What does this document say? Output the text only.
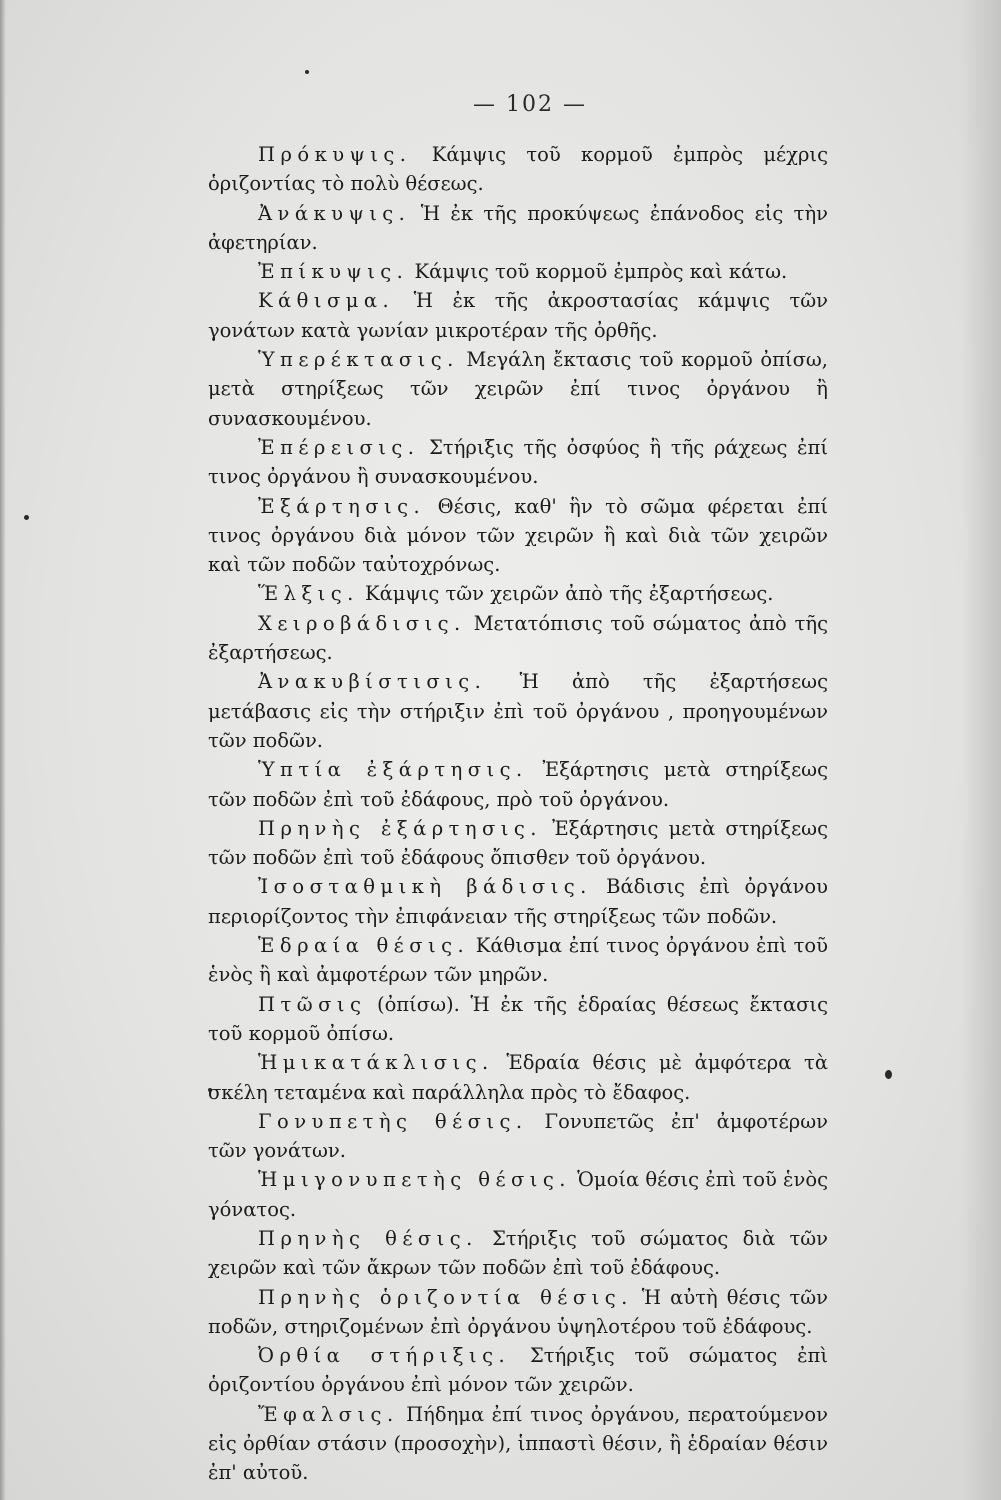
— 102 —

Πρόκυψις. Κάμψις τοῦ κορμοῦ ἐμπρὸς μέχρις ὁριζοντίας τὸ πολὺ θέσεως.

Ἀνάκυψις. Ἡ ἐκ τῆς προκύψεως ἐπάνοδος εἰς τὴν ἀφετηρίαν.

Ἐπίκυψις. Κάμψις τοῦ κορμοῦ ἐμπρὸς καὶ κάτω.

Κάθισμα. Ἡ ἐκ τῆς ἀκροστασίας κάμψις τῶν γονάτων κατὰ γωνίαν μικροτέραν τῆς ὀρθῆς.

Ὑπερέκτασις. Μεγάλη ἔκτασις τοῦ κορμοῦ ὀπίσω, μετὰ στηρίξεως τῶν χειρῶν ἐπί τινος ὀργάνου ἢ συνασκουμένου.

Ἐπέρεισις. Στήριξις τῆς ὀσφύος ἢ τῆς ράχεως ἐπί τινος ὀργάνου ἢ συνασκουμένου.

Ἐξάρτησις. Θέσις, καθ' ἣν τὸ σῶμα φέρεται ἐπί τινος ὀργάνου διὰ μόνον τῶν χειρῶν ἢ καὶ διὰ τῶν χειρῶν καὶ τῶν ποδῶν ταὐτοχρόνως.

Ἕλξις. Κάμψις τῶν χειρῶν ἀπὸ τῆς ἐξαρτήσεως.

Χειροβάδισις. Μετατόπισις τοῦ σώματος ἀπὸ τῆς ἐξαρτήσεως.

Ἀνακυβίστισις. Ἡ ἀπὸ τῆς ἐξαρτήσεως μετάβασις εἰς τὴν στήριξιν ἐπὶ τοῦ ὀργάνου , προηγουμένων τῶν ποδῶν.

Ὑπτία ἐξάρτησις. Ἐξάρτησις μετὰ στηρίξεως τῶν ποδῶν ἐπὶ τοῦ ἐδάφους, πρὸ τοῦ ὀργάνου.

Πρηνὴς ἐξάρτησις. Ἐξάρτησις μετὰ στηρίξεως τῶν ποδῶν ἐπὶ τοῦ ἐδάφους ὄπισθεν τοῦ ὀργάνου.

Ἰσοσταθμικὴ βάδισις. Βάδισις ἐπὶ ὀργάνου περιορίζοντος τὴν ἐπιφάνειαν τῆς στηρίξεως τῶν ποδῶν.

Ἑδραία θέσις. Κάθισμα ἐπί τινος ὀργάνου ἐπὶ τοῦ ἑνὸς ἢ καὶ ἀμφοτέρων τῶν μηρῶν.

Πτῶσις (ὀπίσω). Ἡ ἐκ τῆς ἑδραίας θέσεως ἔκτασις τοῦ κορμοῦ ὀπίσω.

Ἡμικατάκλισις. Ἑδραία θέσις μὲ ἀμφότερα τὰ σκέλη τεταμένα καὶ παράλληλα πρὸς τὸ ἔδαφος.

Γονυπετὴς θέσις. Γονυπετῶς ἐπ' ἀμφοτέρων τῶν γονάτων.

Ἡμιγονυπετὴς θέσις. Ὁμοία θέσις ἐπὶ τοῦ ἑνὸς γόνατος.

Πρηνὴς θέσις. Στήριξις τοῦ σώματος διὰ τῶν χειρῶν καὶ τῶν ἄκρων τῶν ποδῶν ἐπὶ τοῦ ἐδάφους.

Πρηνὴς ὁριζοντία θέσις. Ἡ αὐτὴ θέσις τῶν ποδῶν, στηριζομένων ἐπὶ ὀργάνου ὑψηλοτέρου τοῦ ἐδάφους.

Ὀρθία στήριξις. Στήριξις τοῦ σώματος ἐπὶ ὁριζοντίου ὀργάνου ἐπὶ μόνον τῶν χειρῶν.

Ἔφαλσις. Πήδημα ἐπί τινος ὀργάνου, περατούμενον εἰς ὀρθίαν στάσιν (προσοχὴν), ἱππαστὶ θέσιν, ἢ ἑδραίαν θέσιν ἐπ' αὐτοῦ.
